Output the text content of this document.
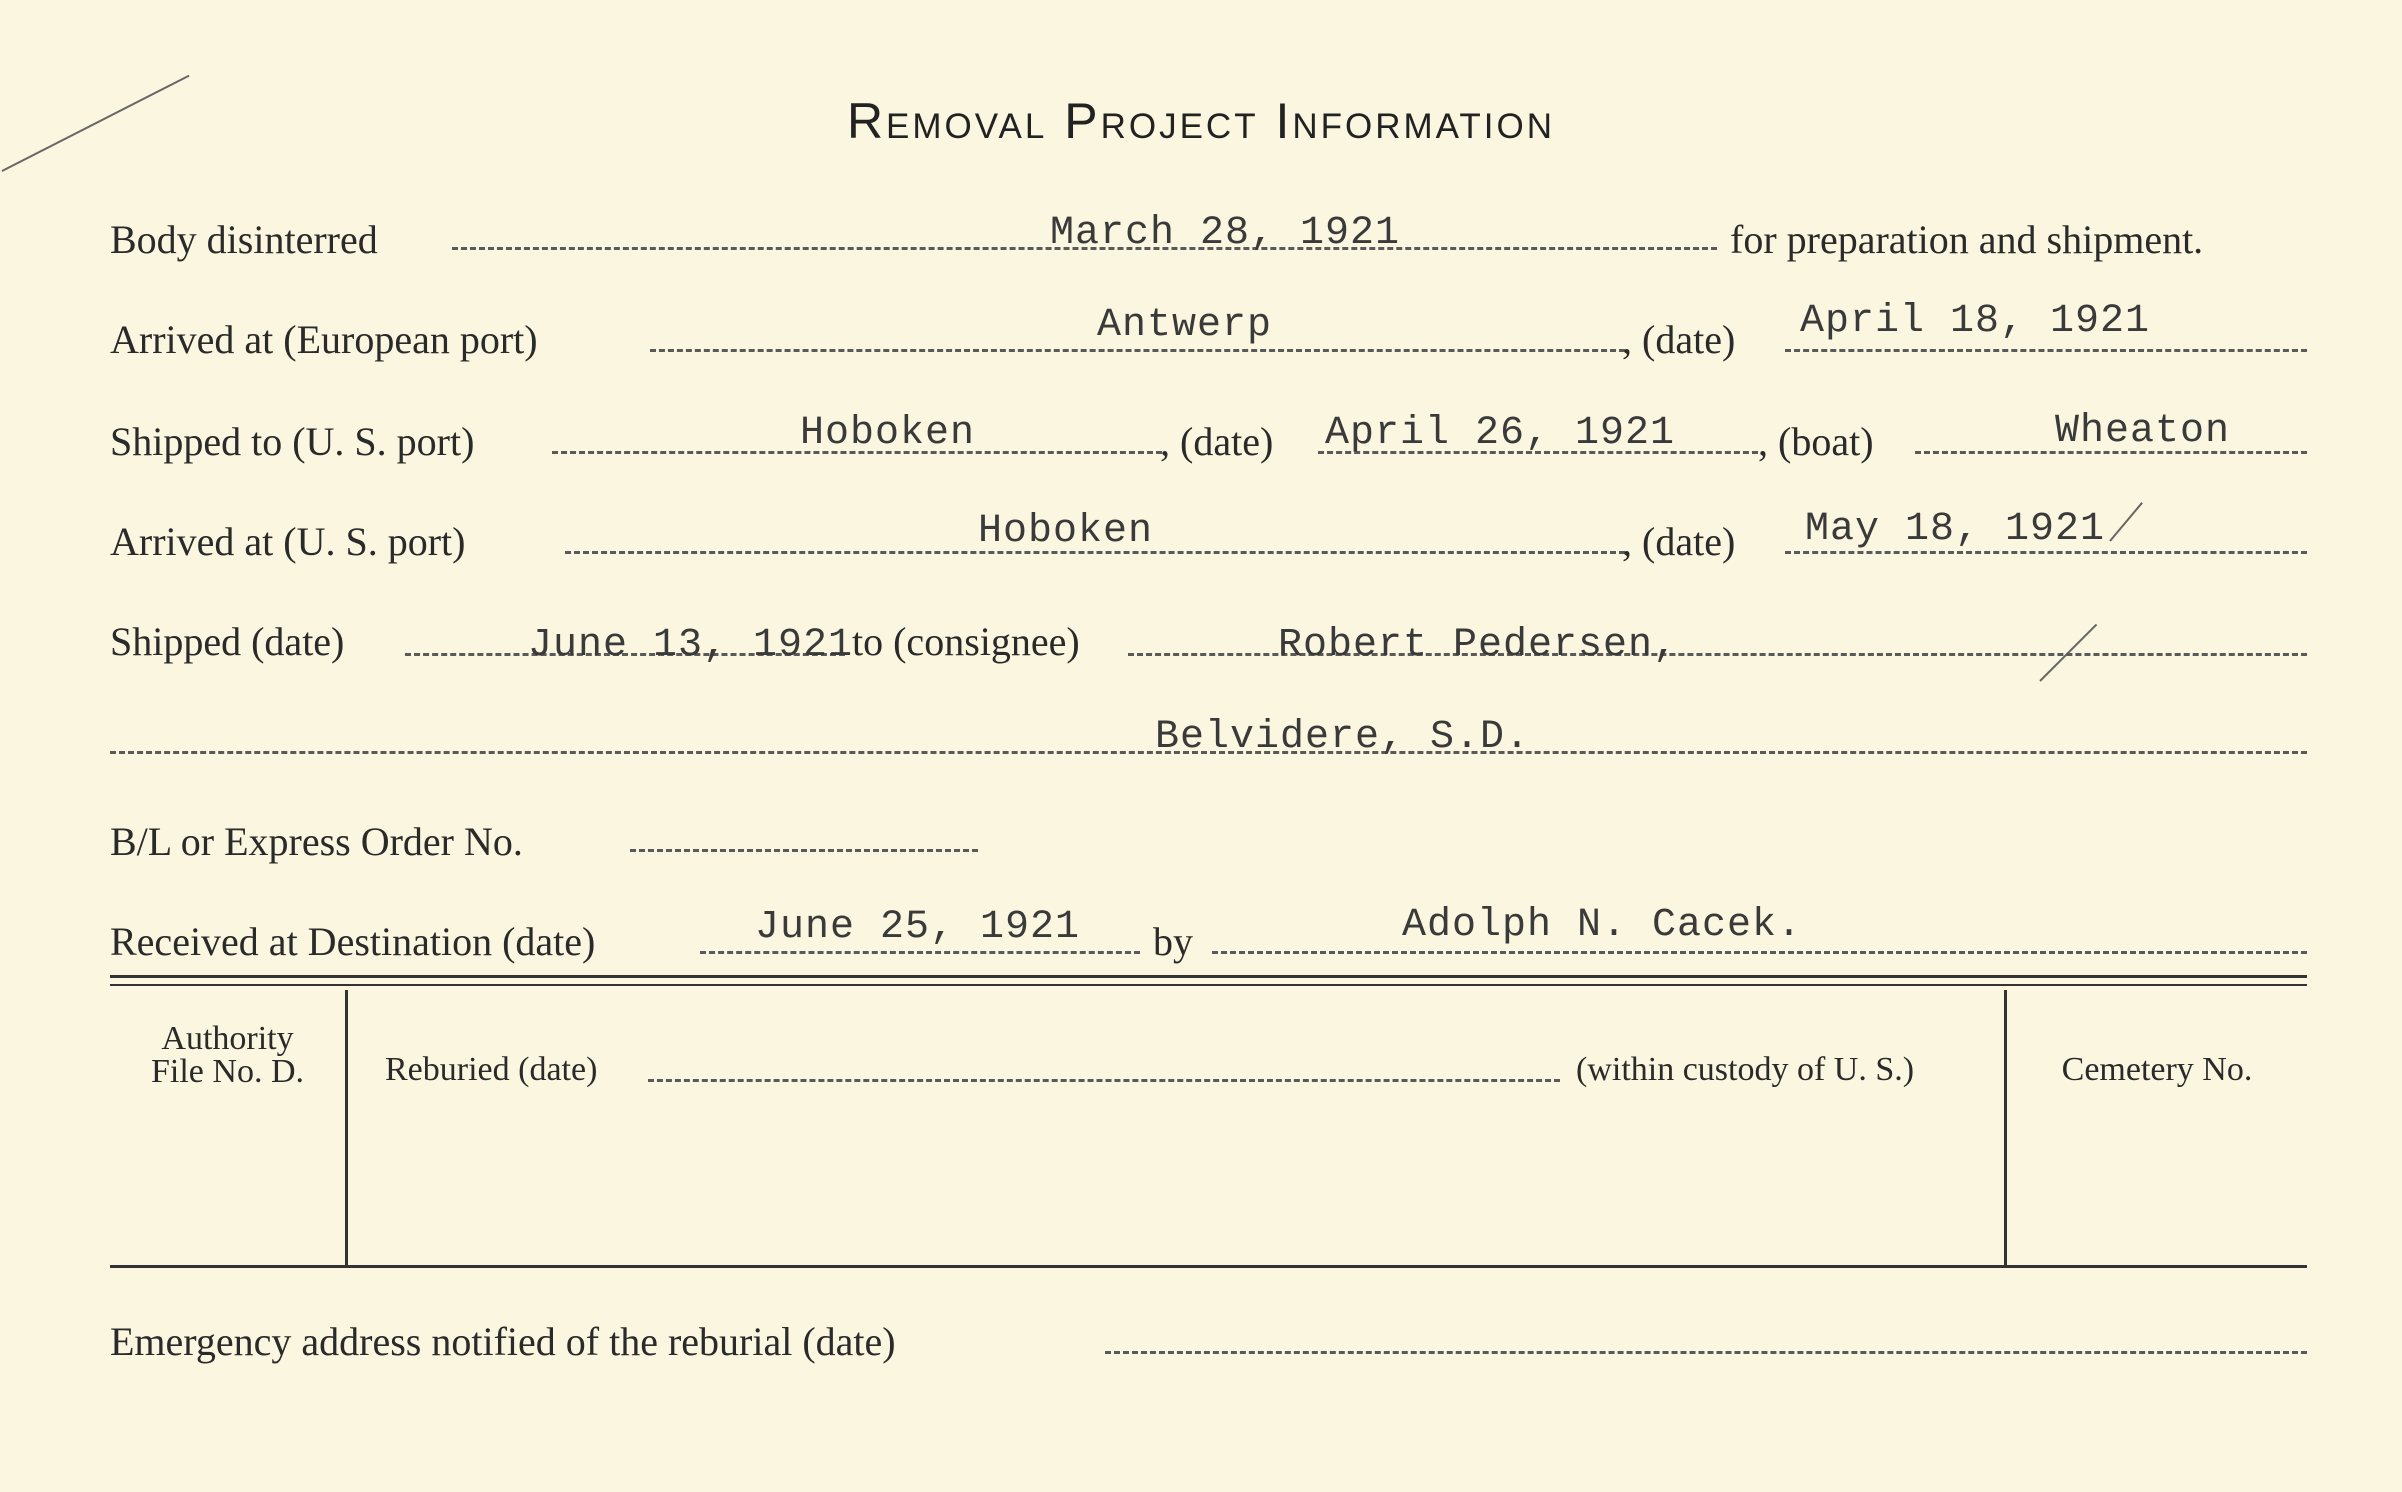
Removal Project Information
Body disinterred	March 28, 1921	for preparation and shipment.
Arrived at (European port)	Antwerp	, (date) April 18, 1921
Shipped to (U. S. port)	Hoboken	, (date) April 26, 1921 , (boat)	Wheaton
Arrived at (U. S. port)	Hoboken	, (date) May 18, 1921
Shipped (date)	June 13, 1921
to (consignee)	Robert Pedersen,
Belvidere, S.D.
B/L or Express Order No.
Received at Destination (date)	June 25, 1921 by	Adolph N. Cacek.
Authority
File No. D.	Reburied (date)	(within custody of U. S.)	Cemetery No.
Emergency address notified of the reburial (date)
